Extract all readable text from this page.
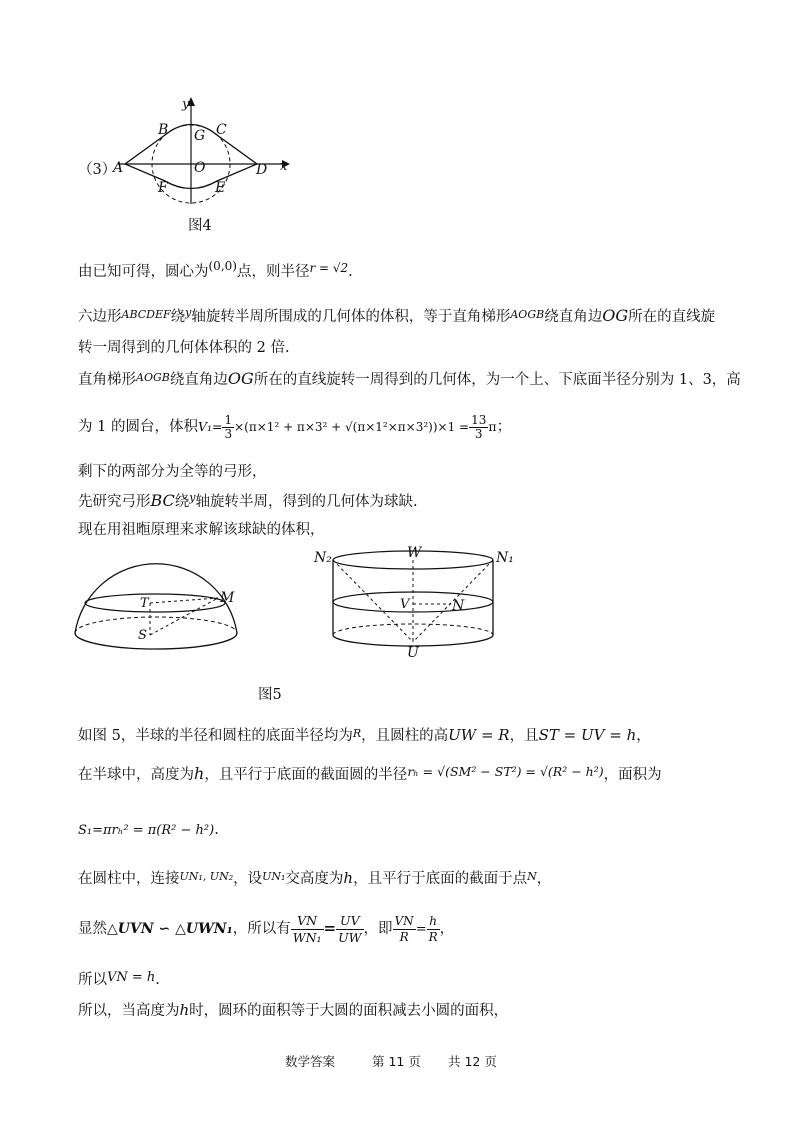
（3）
y
x
A
B G C
O	D
F	E
图4
由已知可得，圆心为$^{(0,0)}$点，则半径$^{r = √2}$.
六边形$^{ABCDEF}$绕$^y$轴旋转半周所围成的几何体的体积，等于直角梯形$^{AOGB}$绕直角边OG所在的直线旋
转一周得到的几何体体积的 2 倍.
直角梯形$^{AOGB}$绕直角边OG所在的直线旋转一周得到的几何体，为一个上、下底面半径分别为 1、3，高
为 1 的圆台，体积$V_1= \frac{1}{3} \times(\pi\times 1^2 + \pi\times 3^2 + √(\pi\times 1^2\times\pi\times 3^2))\times 1 = \frac{13}{3}$ π；
剩下的两部分为全等的弓形，
先研究弓形BC绕$^y$轴旋转半周，得到的几何体为球缺.
现在用祖暅原理来求解该球缺的体积，
T	M
S
N₂	W	N₁
V	N
U
图5
如图 5，半球的半径和圆柱的底面半径均为$^R$，且圆柱的高UW = R，且ST = UV = h，
在半球中，高度为h，且平行于底面的截面圆的半径rₕ = √(SM² − ST²) = √(R² − h²)，面积为
S₁=πrₕ² = π(R² − h²).
在圆柱中，连接$^{UN_1, UN_2}$，设$^{UN_1}$交高度为h，且平行于底面的截面于点$^N$，
显然△UVN ∽ △UWN₁，所以有 $\frac{VN}{\text{WN₁}} = \frac{UV}{UW}$ ，即 $\frac{VN}{R} = \frac{h}{R}$ ，
所以VN = h.
所以，当高度为h时，圆环的面积等于大圆的面积减去小圆的面积，
数学答案	第 11 页 共 12 页
